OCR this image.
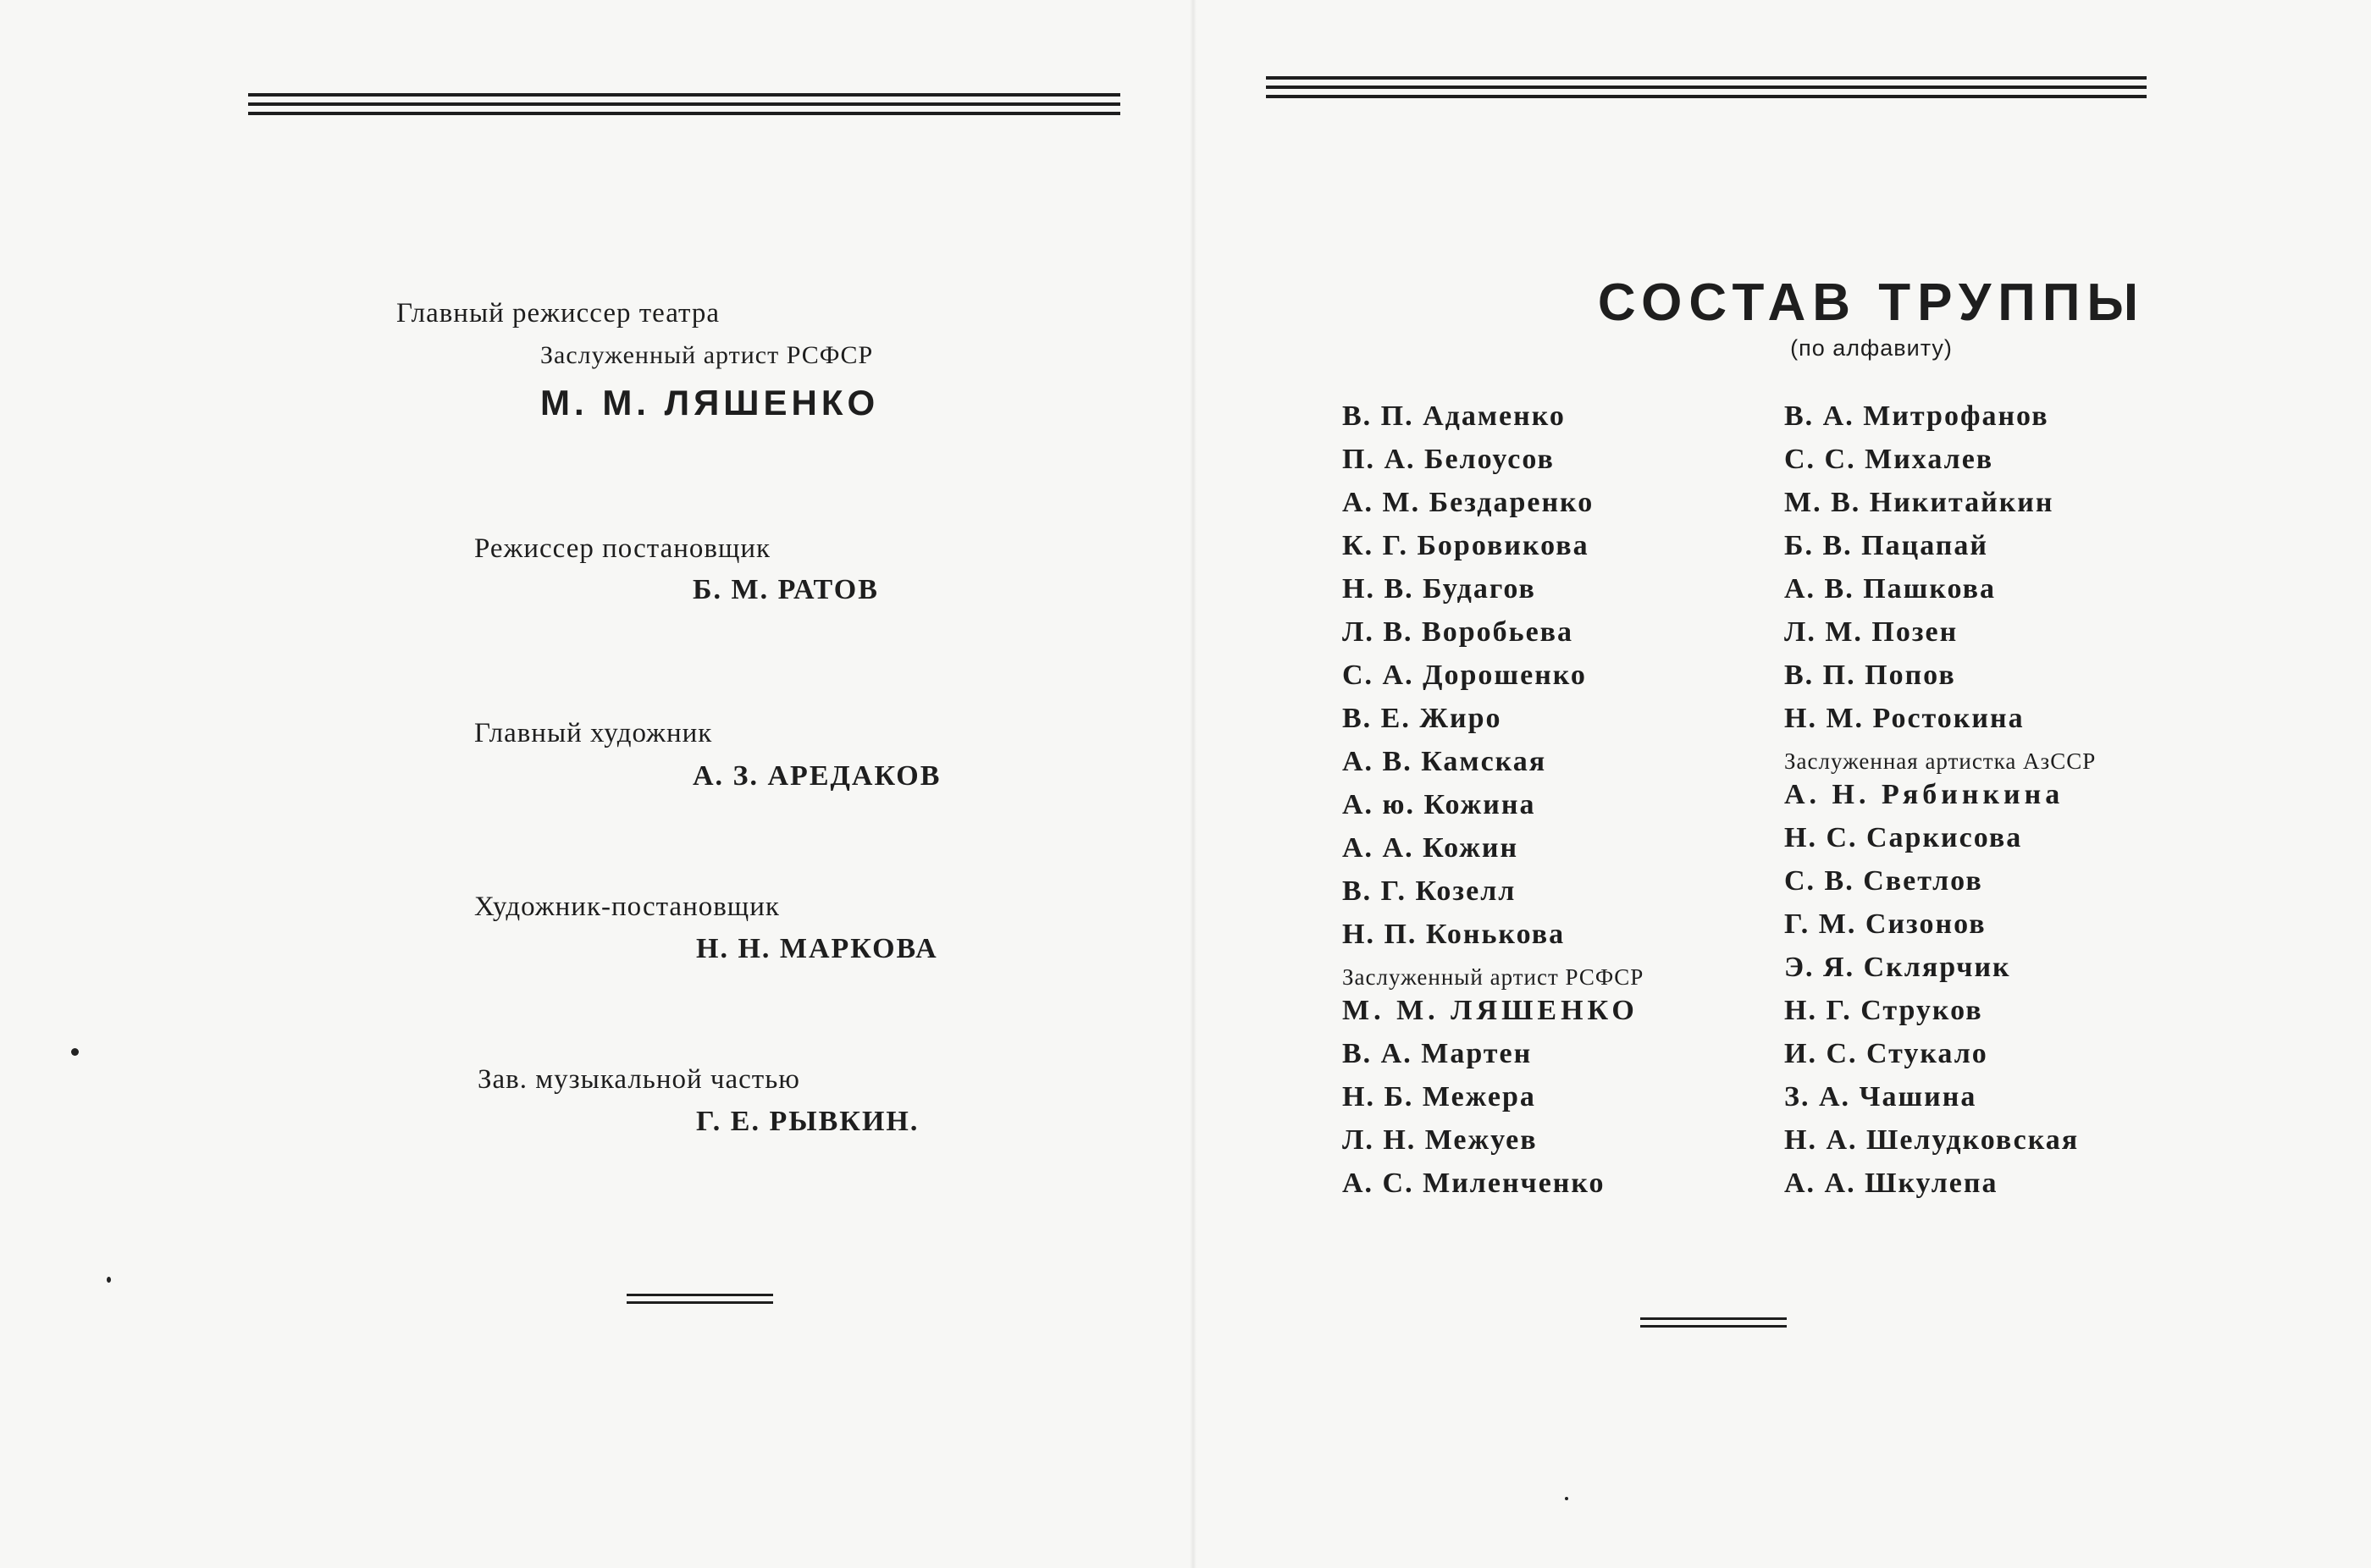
Главный режиссер театра
Заслуженный артист РСФСР
М. М. ЛЯШЕНКО
Режиссер постановщик
Б. М. РАТОВ
Главный художник
А. З. АРЕДАКОВ
Художник-постановщик
Н. Н. МАРКОВА
Зав. музыкальной частью
Г. Е. РЫВКИН.
СОСТАВ ТРУППЫ
(по алфавиту)
В. П. Адаменко
П. А. Белоусов
А. М. Бездаренко
К. Г. Боровикова
Н. В. Будагов
Л. В. Воробьева
С. А. Дорошенко
В. Е. Жиро
А. В. Камская
А. ю. Кожина
А. А. Кожин
В. Г. Козелл
Н. П. Конькова
Заслуженный артист РСФСР
М. М. ЛЯШЕНКО
В. А. Мартен
Н. Б. Межера
Л. Н. Межуев
А. С. Миленченко
В. А. Митрофанов
С. С. Михалев
М. В. Никитайкин
Б. В. Пацапай
А. В. Пашкова
Л. М. Позен
В. П. Попов
Н. М. Ростокина
Заслуженная артистка АзССР
А. Н. Рябинкина
Н. С. Саркисова
С. В. Светлов
Г. М. Сизонов
Э. Я. Склярчик
Н. Г. Струков
И. С. Стукало
З. А. Чашина
Н. А. Шелудковская
А. А. Шкулепа
